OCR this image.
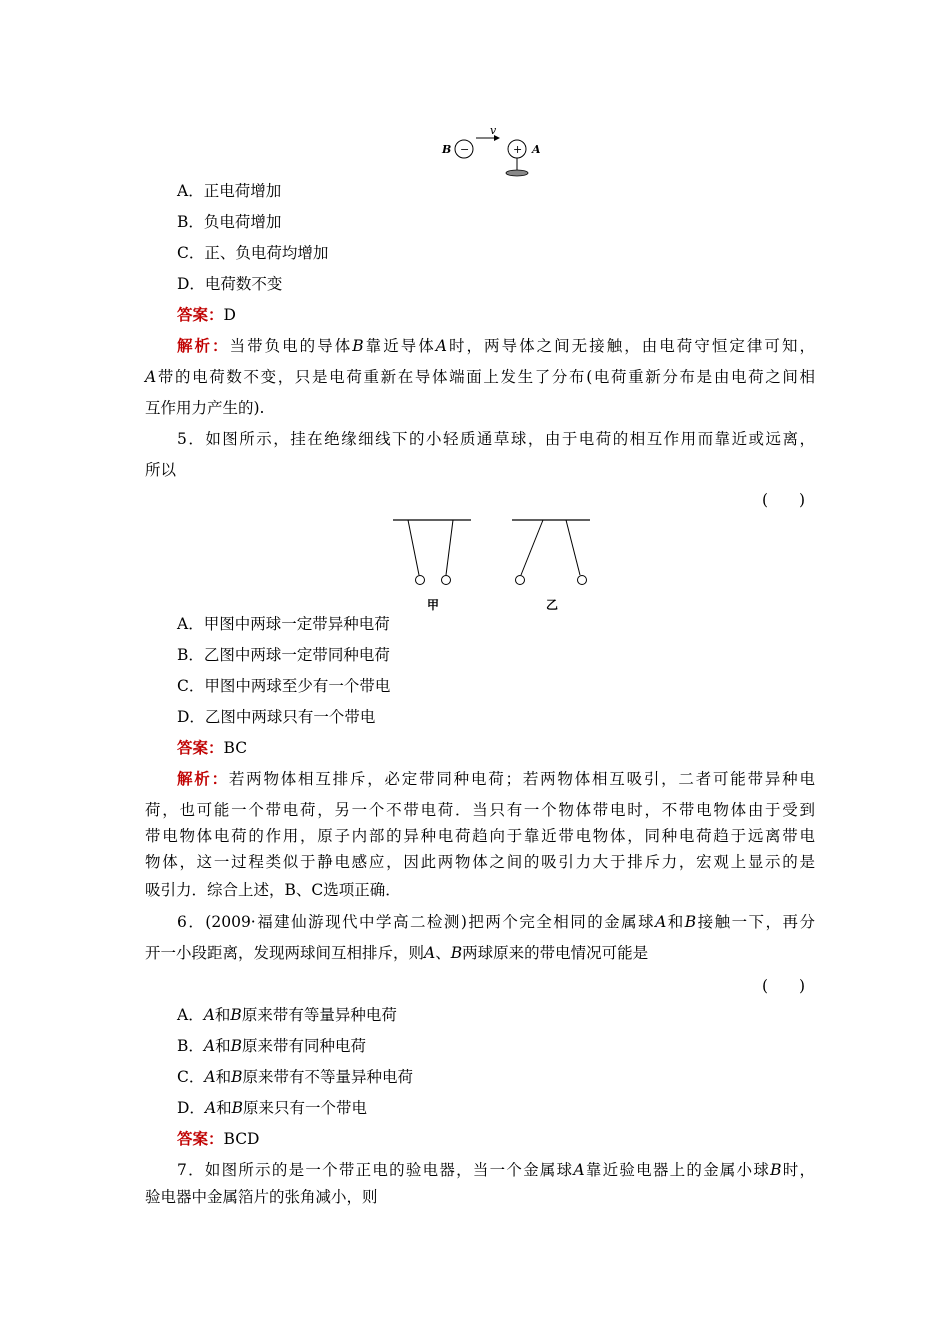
B −
v
+ A
A．正电荷增加
B．负电荷增加
C．正、负电荷均增加
D．电荷数不变
答案：D
解析：当带负电的导体B靠近导体A时，两导体之间无接触，由电荷守恒定律可知，
A带的电荷数不变，只是电荷重新在导体端面上发生了分布(电荷重新分布是由电荷之间相
互作用力产生的).
5．如图所示，挂在绝缘细线下的小轻质通草球，由于电荷的相互作用而靠近或远离，
所以
(　　)
甲	乙
A．甲图中两球一定带异种电荷
B．乙图中两球一定带同种电荷
C．甲图中两球至少有一个带电
D．乙图中两球只有一个带电
答案：BC
解析：若两物体相互排斥，必定带同种电荷；若两物体相互吸引，二者可能带异种电
荷，也可能一个带电荷，另一个不带电荷．当只有一个物体带电时，不带电物体由于受到
带电物体电荷的作用，原子内部的异种电荷趋向于靠近带电物体，同种电荷趋于远离带电
物体，这一过程类似于静电感应，因此两物体之间的吸引力大于排斥力，宏观上显示的是
吸引力．综合上述，B、C选项正确．
6．(2009·福建仙游现代中学高二检测)把两个完全相同的金属球A和B接触一下，再分
开一小段距离，发现两球间互相排斥，则A、B两球原来的带电情况可能是
(　　)
A．A和B原来带有等量异种电荷
B．A和B原来带有同种电荷
C．A和B原来带有不等量异种电荷
D．A和B原来只有一个带电
答案：BCD
7．如图所示的是一个带正电的验电器，当一个金属球A靠近验电器上的金属小球B时，
验电器中金属箔片的张角减小，则
